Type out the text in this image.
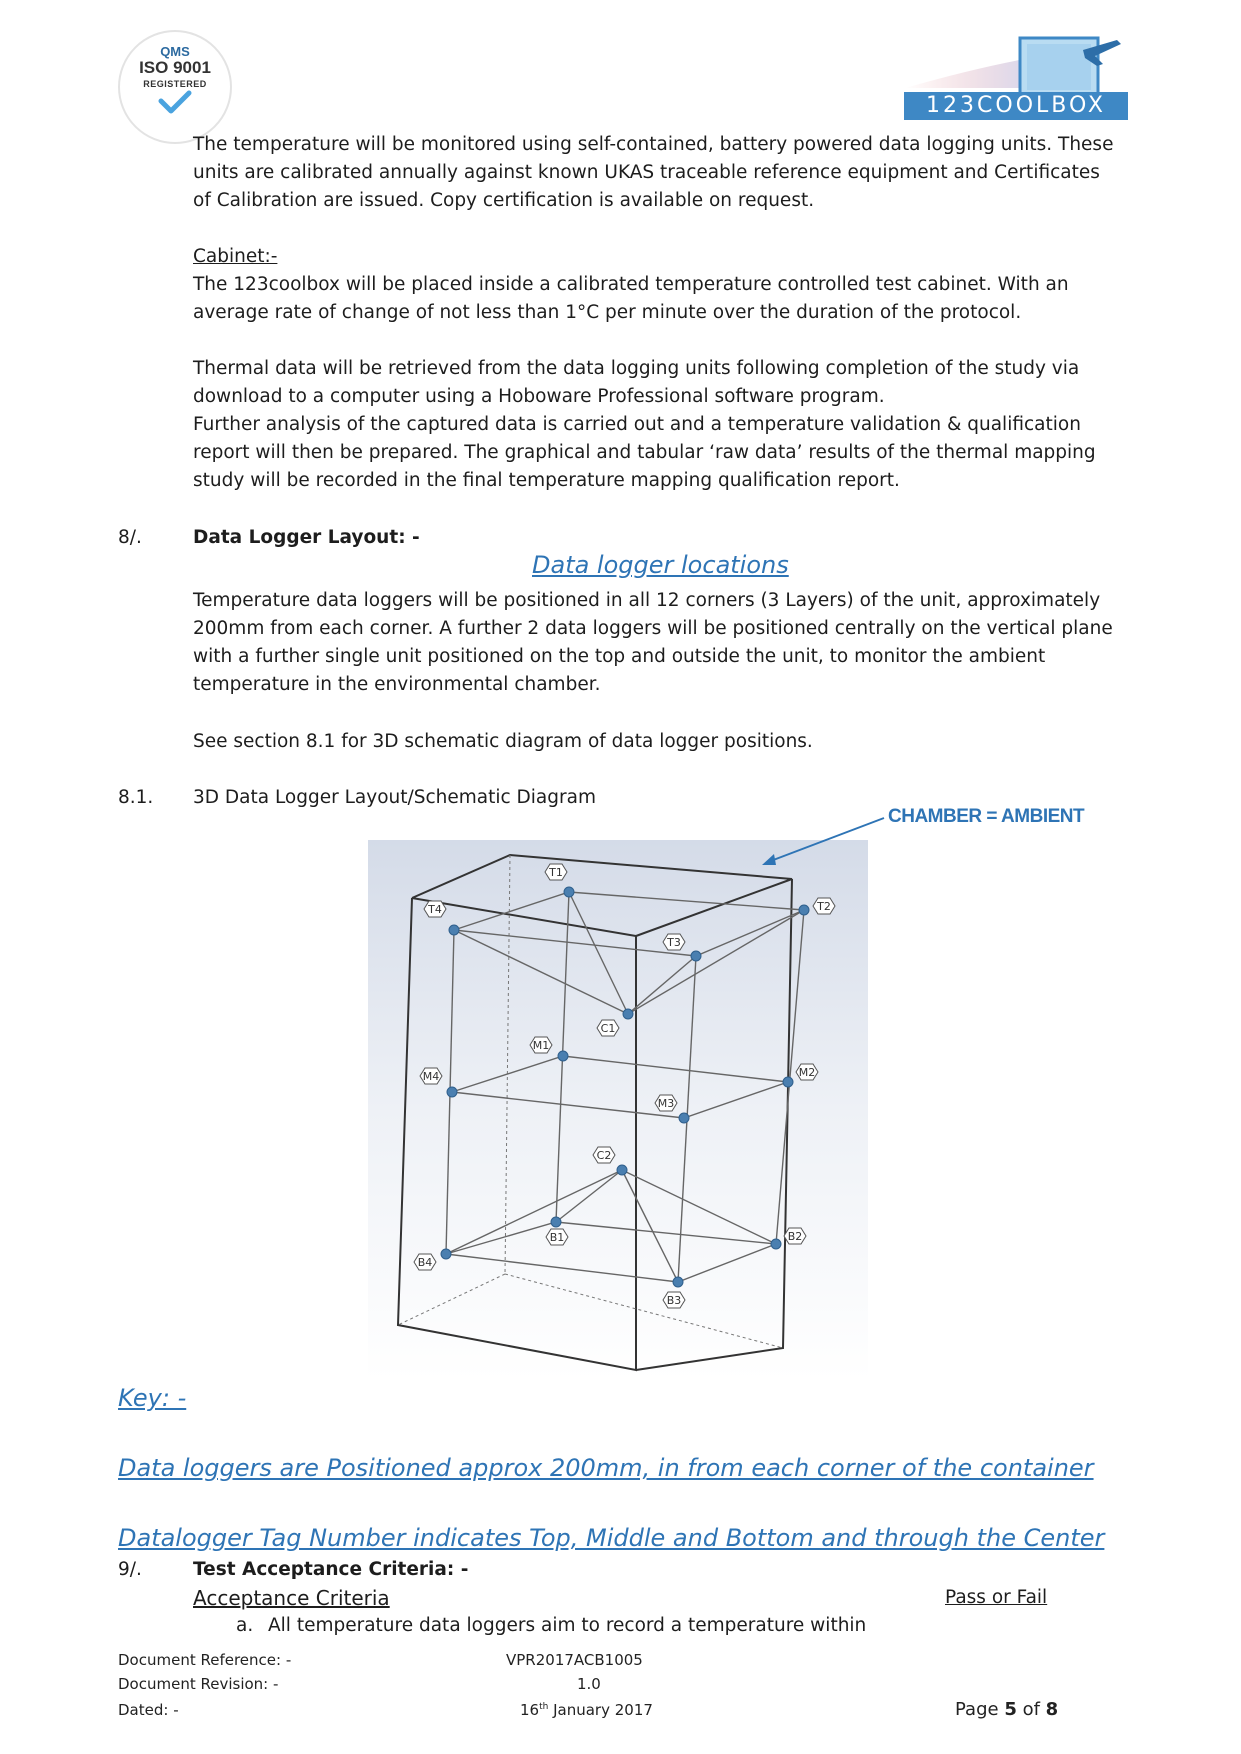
QMS
ISO 9001
REGISTERED
123COOLBOX

The temperature will be monitored using self-contained, battery powered data logging units. These

units are calibrated annually against known UKAS traceable reference equipment and Certificates

of Calibration are issued. Copy certification is available on request.

Cabinet:-

The 123coolbox will be placed inside a calibrated temperature controlled test cabinet. With an

average rate of change of not less than 1°C per minute over the duration of the protocol.

Thermal data will be retrieved from the data logging units following completion of the study via

download to a computer using a Hoboware Professional software program.

Further analysis of the captured data is carried out and a temperature validation & qualification

report will then be prepared. The graphical and tabular ‘raw data’ results of the thermal mapping

study will be recorded in the final temperature mapping qualification report.

8/.	Data Logger Layout: -
Data logger locations

Temperature data loggers will be positioned in all 12 corners (3 Layers) of the unit, approximately

200mm from each corner. A further 2 data loggers will be positioned centrally on the vertical plane

with a further single unit positioned on the top and outside the unit, to monitor the ambient

temperature in the environmental chamber.

See section 8.1 for 3D schematic diagram of data logger positions.
8.1. 3D Data Logger Layout/Schematic Diagram
CHAMBER = AMBIENT
T1
T2
T3
T4
C1
M1
M2
M3
M4
C2
B1	B2
B3
B4
Key: -
Data loggers are Positioned approx 200mm, in from each corner of the container
Datalogger Tag Number indicates Top, Middle and Bottom and through the Center
9/.	Test Acceptance Criteria: -
Acceptance Criteria	Pass or Fail
a. All temperature data loggers aim to record a temperature within
Document Reference: -	VPR2017ACB1005
Document Revision: -	1.0
Dated: -	16th January 2017	Page 5 of 8
